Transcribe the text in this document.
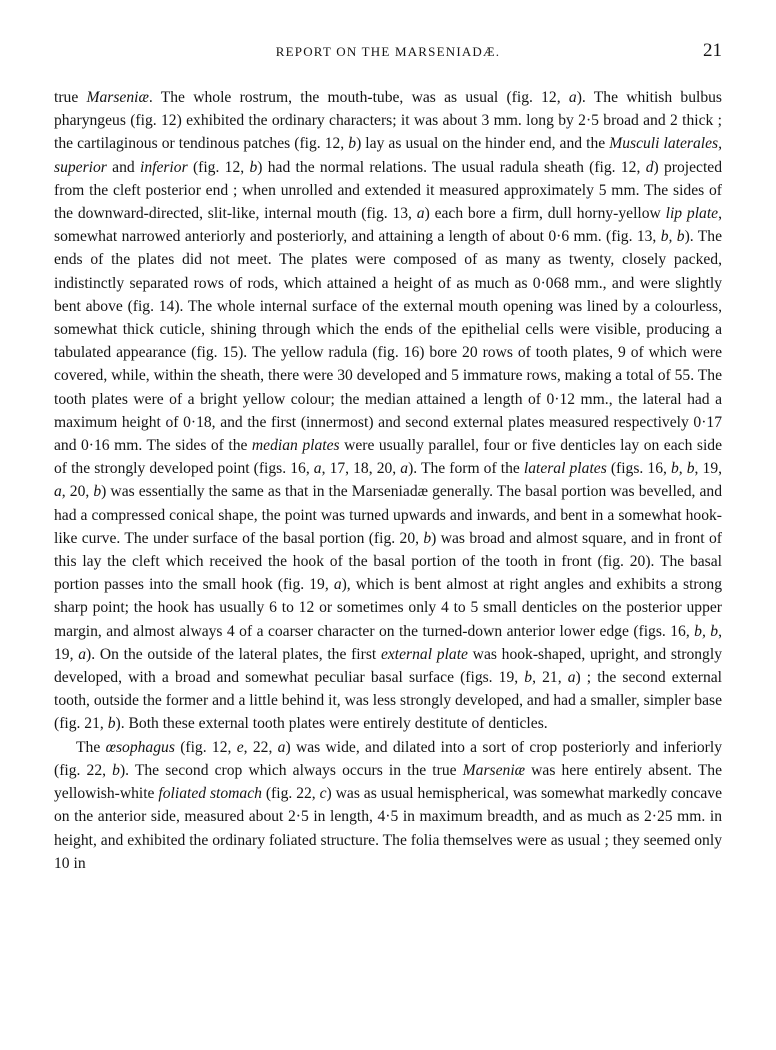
REPORT ON THE MARSENIADÆ.	21

true Marseniæ. The whole rostrum, the mouth-tube, was as usual (fig. 12, a). The whitish bulbus pharyngeus (fig. 12) exhibited the ordinary characters; it was about 3 mm. long by 2·5 broad and 2 thick ; the cartilaginous or tendinous patches (fig. 12, b) lay as usual on the hinder end, and the Musculi laterales, superior and inferior (fig. 12, b) had the normal relations. The usual radula sheath (fig. 12, d) projected from the cleft posterior end ; when unrolled and extended it measured approximately 5 mm. The sides of the downward-directed, slit-like, internal mouth (fig. 13, a) each bore a firm, dull horny-yellow lip plate, somewhat narrowed anteriorly and posteriorly, and attaining a length of about 0·6 mm. (fig. 13, b, b). The ends of the plates did not meet. The plates were composed of as many as twenty, closely packed, indistinctly separated rows of rods, which attained a height of as much as 0·068 mm., and were slightly bent above (fig. 14). The whole internal surface of the external mouth opening was lined by a colourless, somewhat thick cuticle, shining through which the ends of the epithelial cells were visible, producing a tabulated appearance (fig. 15). The yellow radula (fig. 16) bore 20 rows of tooth plates, 9 of which were covered, while, within the sheath, there were 30 developed and 5 immature rows, making a total of 55. The tooth plates were of a bright yellow colour; the median attained a length of 0·12 mm., the lateral had a maximum height of 0·18, and the first (innermost) and second external plates measured respectively 0·17 and 0·16 mm. The sides of the median plates were usually parallel, four or five denticles lay on each side of the strongly developed point (figs. 16, a, 17, 18, 20, a). The form of the lateral plates (figs. 16, b, b, 19, a, 20, b) was essentially the same as that in the Marseniadæ generally. The basal portion was bevelled, and had a compressed conical shape, the point was turned upwards and inwards, and bent in a somewhat hook-like curve. The under surface of the basal portion (fig. 20, b) was broad and almost square, and in front of this lay the cleft which received the hook of the basal portion of the tooth in front (fig. 20). The basal portion passes into the small hook (fig. 19, a), which is bent almost at right angles and exhibits a strong sharp point; the hook has usually 6 to 12 or sometimes only 4 to 5 small denticles on the posterior upper margin, and almost always 4 of a coarser character on the turned-down anterior lower edge (figs. 16, b, b, 19, a). On the outside of the lateral plates, the first external plate was hook-shaped, upright, and strongly developed, with a broad and somewhat peculiar basal surface (figs. 19, b, 21, a) ; the second external tooth, outside the former and a little behind it, was less strongly developed, and had a smaller, simpler base (fig. 21, b). Both these external tooth plates were entirely destitute of denticles.

The œsophagus (fig. 12, e, 22, a) was wide, and dilated into a sort of crop posteriorly and inferiorly (fig. 22, b). The second crop which always occurs in the true Marseniæ was here entirely absent. The yellowish-white foliated stomach (fig. 22, c) was as usual hemispherical, was somewhat markedly concave on the anterior side, measured about 2·5 in length, 4·5 in maximum breadth, and as much as 2·25 mm. in height, and exhibited the ordinary foliated structure. The folia themselves were as usual ; they seemed only 10 in
